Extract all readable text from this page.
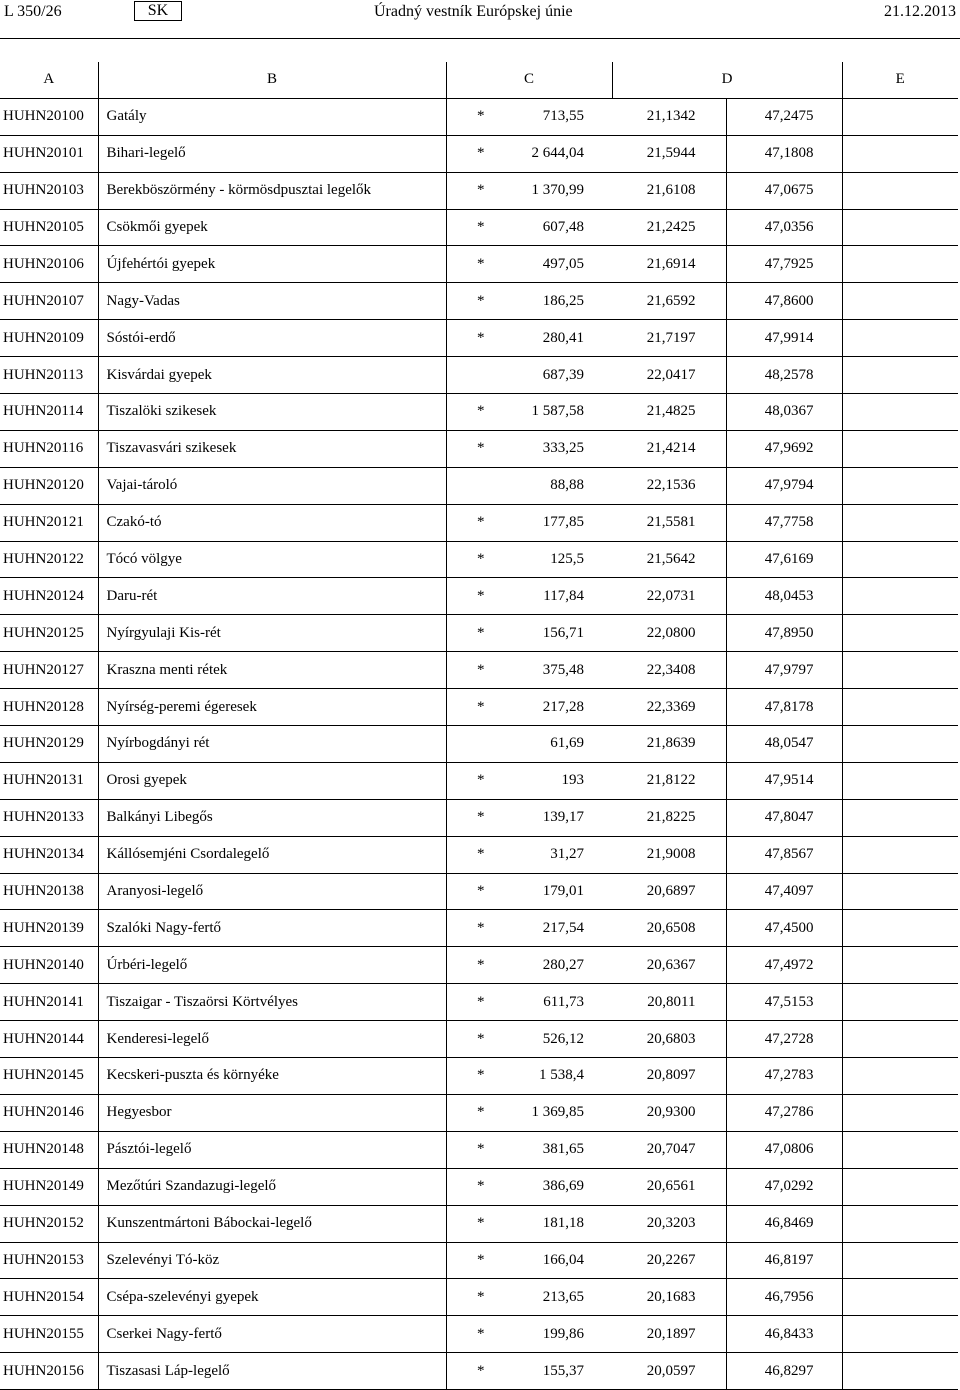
L 350/26	SK	Úradný vestník Európskej únie	21.12.2013
A	B	C	D		E
HUHN20100	Gatály	* 713,55	21,1342	47,2475	
HUHN20101	Bihari-legelő	* 2 644,04	21,5944	47,1808	
HUHN20103	Berekböszörmény - körmösdpusztai legelők	* 1 370,99	21,6108	47,0675	
HUHN20105	Csökmői gyepek	* 607,48	21,2425	47,0356	
HUHN20106	Újfehértói gyepek	* 497,05	21,6914	47,7925	
HUHN20107	Nagy-Vadas	* 186,25	21,6592	47,8600	
HUHN20109	Sóstói-erdő	* 280,41	21,7197	47,9914	
HUHN20113	Kisvárdai gyepek	687,39	22,0417	48,2578	
HUHN20114	Tiszalöki szikesek	* 1 587,58	21,4825	48,0367	
HUHN20116	Tiszavasvári szikesek	* 333,25	21,4214	47,9692	
HUHN20120	Vajai-tároló	88,88	22,1536	47,9794	
HUHN20121	Czakó-tó	* 177,85	21,5581	47,7758	
HUHN20122	Tócó völgye	* 125,5	21,5642	47,6169	
HUHN20124	Daru-rét	* 117,84	22,0731	48,0453	
HUHN20125	Nyírgyulaji Kis-rét	* 156,71	22,0800	47,8950	
HUHN20127	Kraszna menti rétek	* 375,48	22,3408	47,9797	
HUHN20128	Nyírség-peremi égeresek	* 217,28	22,3369	47,8178	
HUHN20129	Nyírbogdányi rét	61,69	21,8639	48,0547	
HUHN20131	Orosi gyepek	* 193	21,8122	47,9514	
HUHN20133	Balkányi Libegős	* 139,17	21,8225	47,8047	
HUHN20134	Kállósemjéni Csordalegelő	* 31,27	21,9008	47,8567	
HUHN20138	Aranyosi-legelő	* 179,01	20,6897	47,4097	
HUHN20139	Szalóki Nagy-fertő	* 217,54	20,6508	47,4500	
HUHN20140	Úrbéri-legelő	* 280,27	20,6367	47,4972	
HUHN20141	Tiszaigar - Tiszaörsi Körtvélyes	* 611,73	20,8011	47,5153	
HUHN20144	Kenderesi-legelő	* 526,12	20,6803	47,2728	
HUHN20145	Kecskeri-puszta és környéke	* 1 538,4	20,8097	47,2783	
HUHN20146	Hegyesbor	* 1 369,85	20,9300	47,2786	
HUHN20148	Pásztói-legelő	* 381,65	20,7047	47,0806	
HUHN20149	Mezőtúri Szandazugi-legelő	* 386,69	20,6561	47,0292	
HUHN20152	Kunszentmártoni Bábockai-legelő	* 181,18	20,3203	46,8469	
HUHN20153	Szelevényi Tó-köz	* 166,04	20,2267	46,8197	
HUHN20154	Csépa-szelevényi gyepek	* 213,65	20,1683	46,7956	
HUHN20155	Cserkei Nagy-fertő	* 199,86	20,1897	46,8433	
HUHN20156	Tiszasasi Láp-legelő	* 155,37	20,0597	46,8297	
